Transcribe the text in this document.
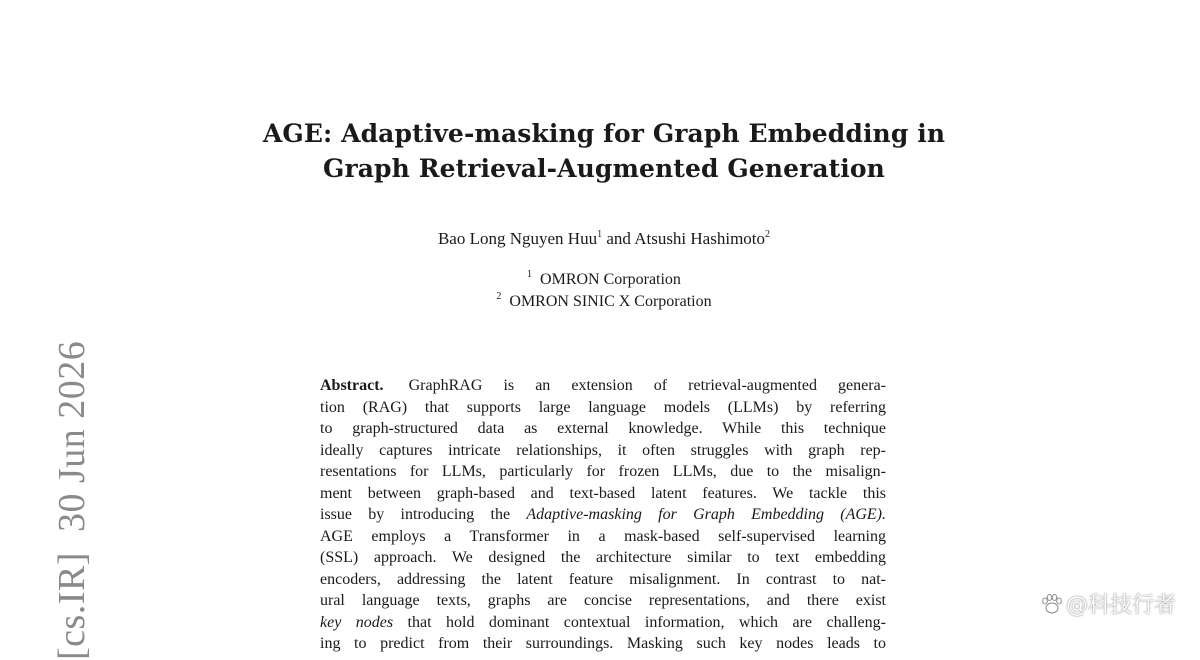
AGE: Adaptive-masking for Graph Embedding in
Graph Retrieval-Augmented Generation
Bao Long Nguyen Huu$^1$ and Atsushi Hashimoto$^2$
$^1$ OMRON Corporation
$^2$ OMRON SINIC X Corporation
Abstract. GraphRAG is an extension of retrieval-augmented genera-
tion (RAG) that supports large language models (LLMs) by referring
to graph-structured data as external knowledge. While this technique
ideally captures intricate relationships, it often struggles with graph rep-
resentations for LLMs, particularly for frozen LLMs, due to the misalign-
ment between graph-based and text-based latent features. We tackle this
issue by introducing the Adaptive-masking for Graph Embedding (AGE).
AGE employs a Transformer in a mask-based self-supervised learning
(SSL) approach. We designed the architecture similar to text embedding
encoders, addressing the latent feature misalignment. In contrast to nat-
ural language texts, graphs are concise representations, and there exist
key nodes that hold dominant contextual information, which are challeng-
ing to predict from their surroundings. Masking such key nodes leads to
[cs.IR]  30 Jun 2026	@科技行者
